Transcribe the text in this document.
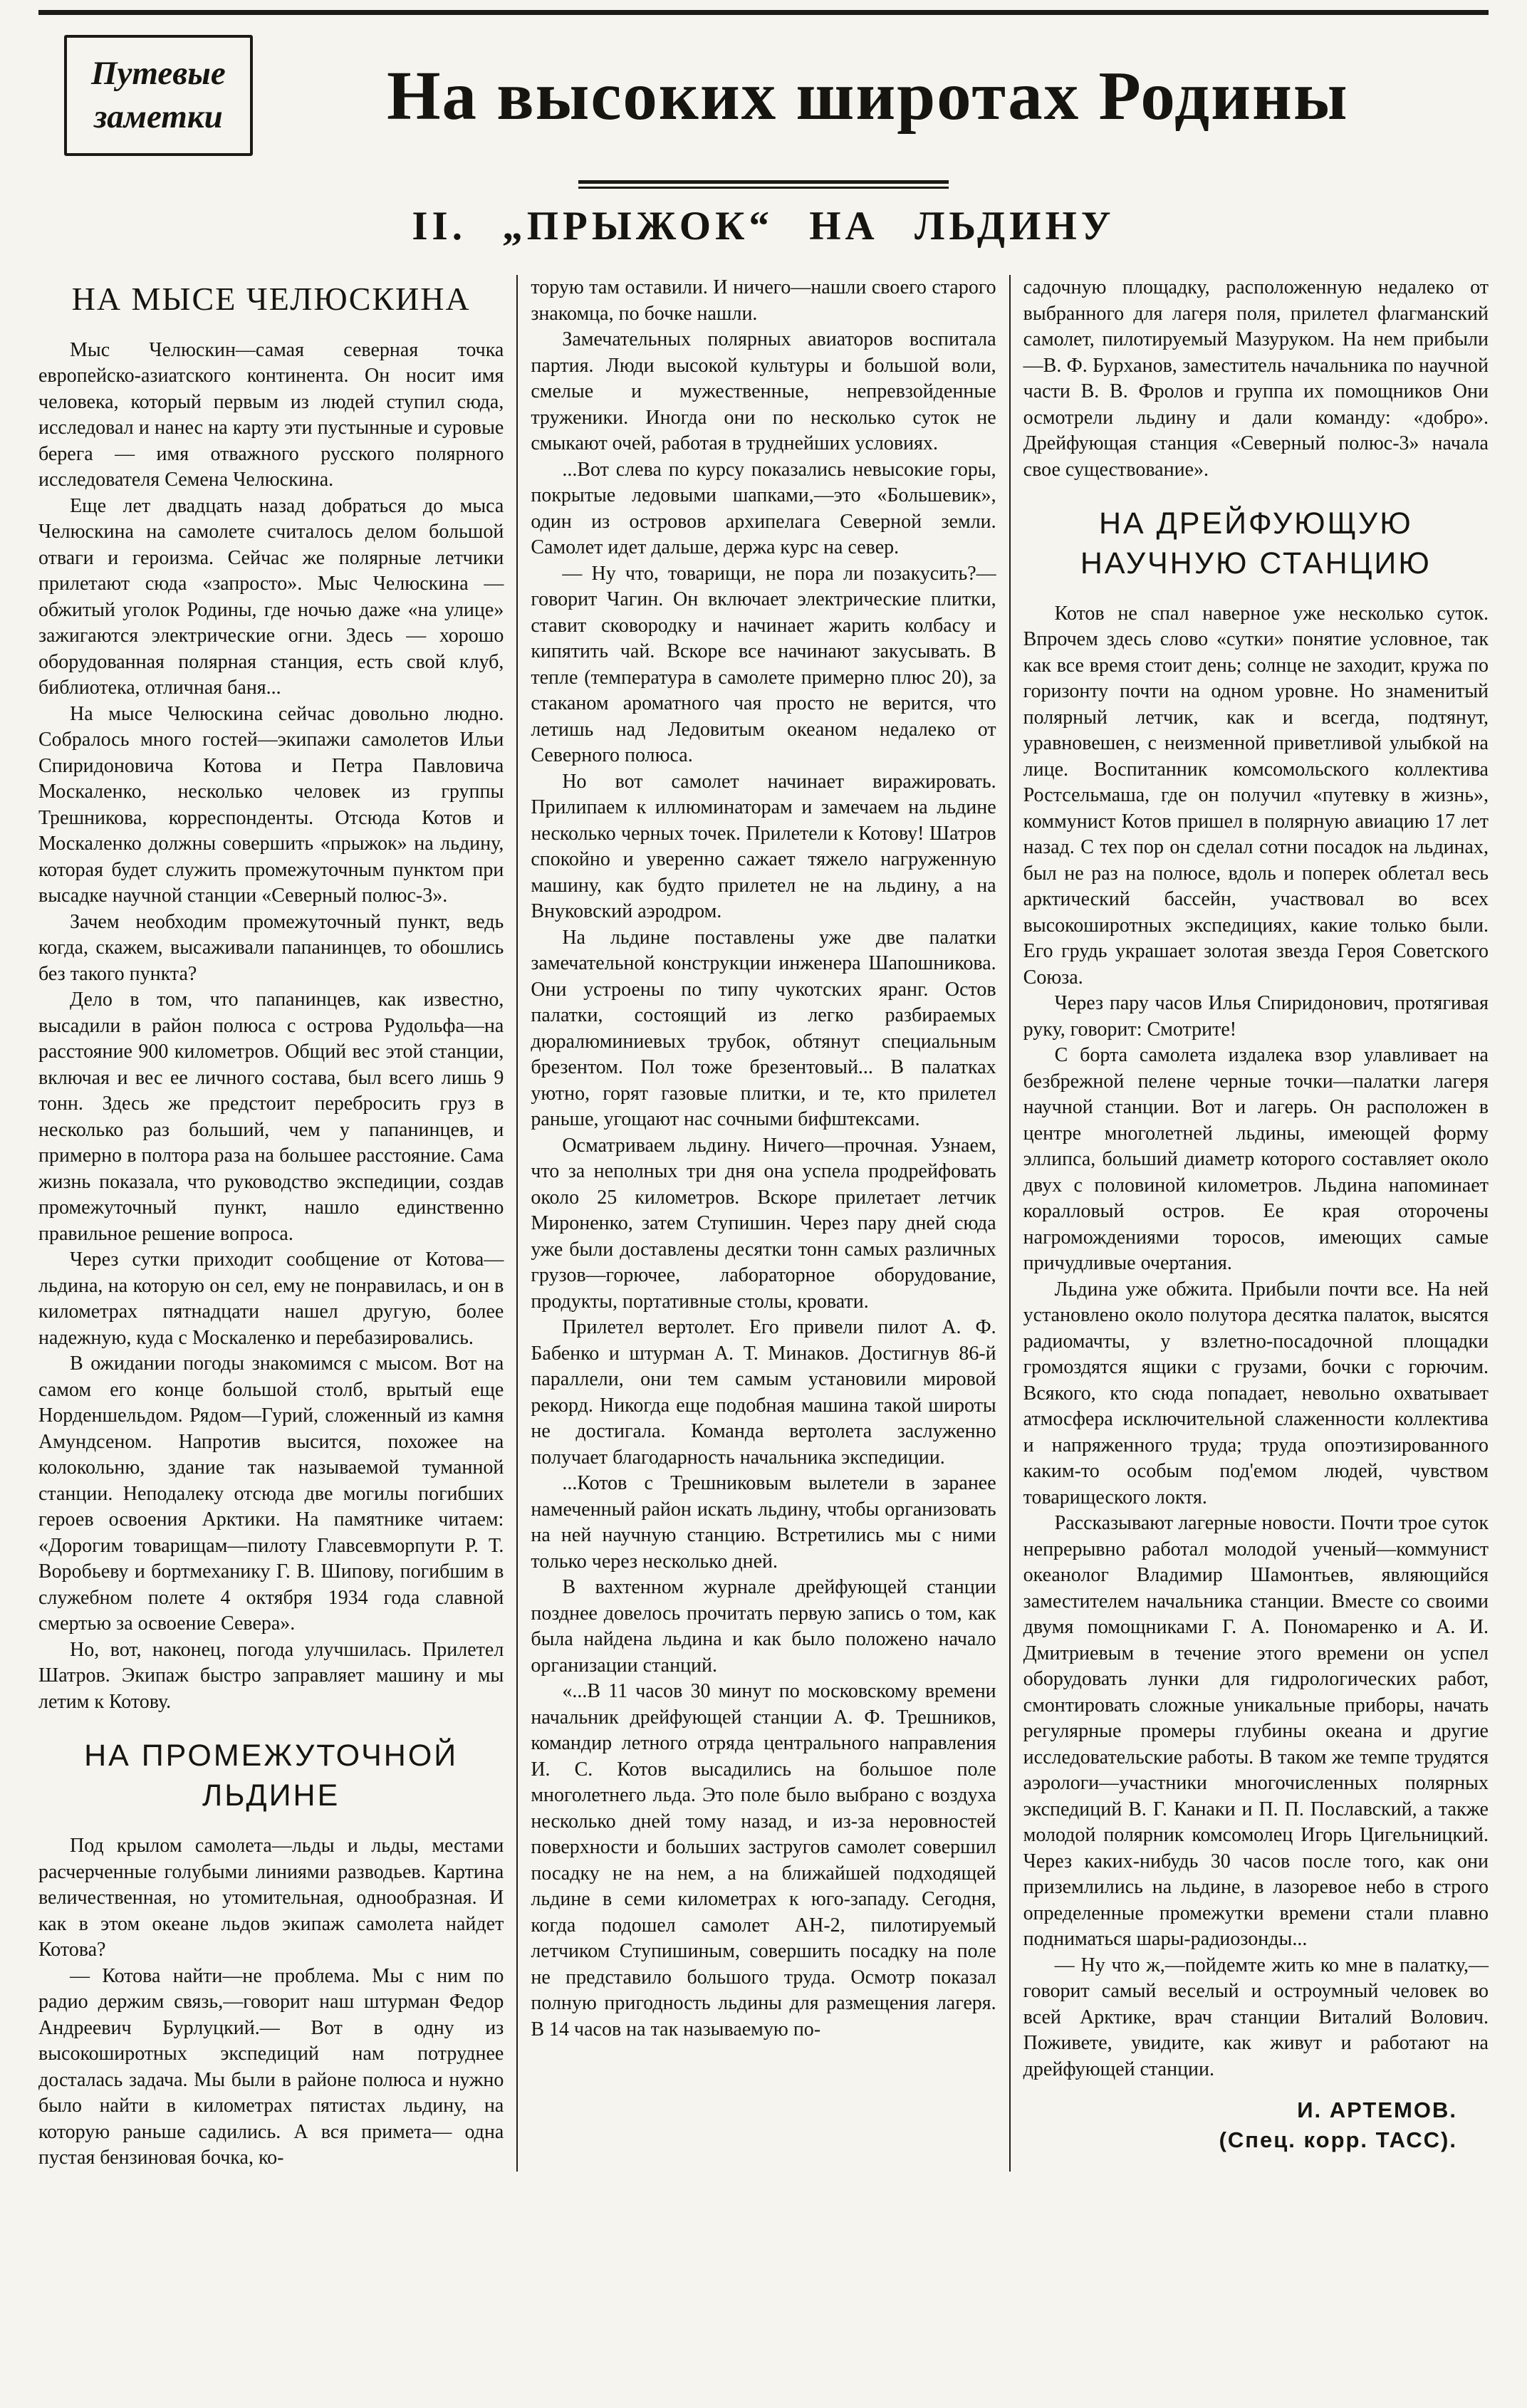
Путевые
заметки	На высоких широтах Родины
II. „ПРЫЖОК“ НА ЛЬДИНУ
НА МЫСЕ ЧЕЛЮСКИНА

Мыс Челюскин—самая северная точка европейско-азиатского континента. Он носит имя человека, который первым из людей ступил сюда, исследовал и нанес на карту эти пустынные и суровые берега — имя отважного русского полярного исследователя Семена Челюскина.

Еще лет двадцать назад добраться до мыса Челюскина на самолете считалось делом большой отваги и героизма. Сейчас же полярные летчики прилетают сюда «запросто». Мыс Челюскина — обжитый уголок Родины, где ночью даже «на улице» зажигаются электрические огни. Здесь — хорошо оборудованная полярная станция, есть свой клуб, библиотека, отличная баня...

На мысе Челюскина сейчас довольно людно. Собралось много гостей—экипажи самолетов Ильи Спиридоновича Котова и Петра Павловича Москаленко, несколько человек из группы Трешникова, корреспонденты. Отсюда Котов и Москаленко должны совершить «прыжок» на льдину, которая будет служить промежуточным пунктом при высадке научной станции «Северный полюс-3».

Зачем необходим промежуточный пункт, ведь когда, скажем, высаживали папанинцев, то обошлись без такого пункта?

Дело в том, что папанинцев, как известно, высадили в район полюса с острова Рудольфа—на расстояние 900 километров. Общий вес этой станции, включая и вес ее личного состава, был всего лишь 9 тонн. Здесь же предстоит перебросить груз в несколько раз больший, чем у папанинцев, и примерно в полтора раза на большее расстояние. Сама жизнь показала, что руководство экспедиции, создав промежуточный пункт, нашло единственно правильное решение вопроса.

Через сутки приходит сообщение от Котова—льдина, на которую он сел, ему не понравилась, и он в километрах пятнадцати нашел другую, более надежную, куда с Москаленко и перебазировались.

В ожидании погоды знакомимся с мысом. Вот на самом его конце большой столб, врытый еще Норденшельдом. Рядом—Гурий, сложенный из камня Амундсеном. Напротив высится, похожее на колокольню, здание так называемой туманной станции. Неподалеку отсюда две могилы погибших героев освоения Арктики. На памятнике читаем: «Дорогим товарищам—пилоту Главсевморпути Р. Т. Воробьеву и бортмеханику Г. В. Шипову, погибшим в служебном полете 4 октября 1934 года славной смертью за освоение Севера».

Но, вот, наконец, погода улучшилась. Прилетел Шатров. Экипаж быстро заправляет машину и мы летим к Котову.

НА ПРОМЕЖУТОЧНОЙ ЛЬДИНЕ

Под крылом самолета—льды и льды, местами расчерченные голубыми линиями разводьев. Картина величественная, но утомительная, однообразная. И как в этом океане льдов экипаж самолета найдет Котова?

— Котова найти—не проблема. Мы с ним по радио держим связь,—говорит наш штурман Федор Андреевич Бурлуцкий.— Вот в одну из высокоширотных экспедиций нам потруднее досталась задача. Мы были в районе полюса и нужно было найти в километрах пятистах льдину, на которую раньше садились. А вся примета— одна пустая бензиновая бочка, ко-

торую там оставили. И ничего—нашли своего старого знакомца, по бочке нашли.

Замечательных полярных авиаторов воспитала партия. Люди высокой культуры и большой воли, смелые и мужественные, непревзойденные труженики. Иногда они по несколько суток не смыкают очей, работая в труднейших условиях.

...Вот слева по курсу показались невысокие горы, покрытые ледовыми шапками,—это «Большевик», один из островов архипелага Северной земли. Самолет идет дальше, держа курс на север.

— Ну что, товарищи, не пора ли позакусить?—говорит Чагин. Он включает электрические плитки, ставит сковородку и начинает жарить колбасу и кипятить чай. Вскоре все начинают закусывать. В тепле (температура в самолете примерно плюс 20), за стаканом ароматного чая просто не верится, что летишь над Ледовитым океаном недалеко от Северного полюса.

Но вот самолет начинает виражировать. Прилипаем к иллюминаторам и замечаем на льдине несколько черных точек. Прилетели к Котову! Шатров спокойно и уверенно сажает тяжело нагруженную машину, как будто прилетел не на льдину, а на Внуковский аэродром.

На льдине поставлены уже две палатки замечательной конструкции инженера Шапошникова. Они устроены по типу чукотских яранг. Остов палатки, состоящий из легко разбираемых дюралюминиевых трубок, обтянут специальным брезентом. Пол тоже брезентовый... В палатках уютно, горят газовые плитки, и те, кто прилетел раньше, угощают нас сочными бифштексами.

Осматриваем льдину. Ничего—прочная. Узнаем, что за неполных три дня она успела продрейфовать около 25 километров. Вскоре прилетает летчик Мироненко, затем Ступишин. Через пару дней сюда уже были доставлены десятки тонн самых различных грузов—горючее, лабораторное оборудование, продукты, портативные столы, кровати.

Прилетел вертолет. Его привели пилот А. Ф. Бабенко и штурман А. Т. Минаков. Достигнув 86-й параллели, они тем самым установили мировой рекорд. Никогда еще подобная машина такой широты не достигала. Команда вертолета заслуженно получает благодарность начальника экспедиции.

...Котов с Трешниковым вылетели в заранее намеченный район искать льдину, чтобы организовать на ней научную станцию. Встретились мы с ними только через несколько дней.

В вахтенном журнале дрейфующей станции позднее довелось прочитать первую запись о том, как была найдена льдина и как было положено начало организации станций.

«...В 11 часов 30 минут по московскому времени начальник дрейфующей станции А. Ф. Трешников, командир летного отряда центрального направления И. С. Котов высадились на большое поле многолетнего льда. Это поле было выбрано с воздуха несколько дней тому назад, и из-за неровностей поверхности и больших застругов самолет совершил посадку не на нем, а на ближайшей подходящей льдине в семи километрах к юго-западу. Сегодня, когда подошел самолет АН-2, пилотируемый летчиком Ступишиным, совершить посадку на поле не представило большого труда. Осмотр показал полную пригодность льдины для размещения лагеря. В 14 часов на так называемую по-

садочную площадку, расположенную недалеко от выбранного для лагеря поля, прилетел флагманский самолет, пилотируемый Мазуруком. На нем прибыли—В. Ф. Бурханов, заместитель начальника по научной части В. В. Фролов и группа их помощников Они осмотрели льдину и дали команду: «добро». Дрейфующая станция «Северный полюс-3» начала свое существование».

НА ДРЕЙФУЮЩУЮ НАУЧНУЮ СТАНЦИЮ

Котов не спал наверное уже несколько суток. Впрочем здесь слово «сутки» понятие условное, так как все время стоит день; солнце не заходит, кружа по горизонту почти на одном уровне. Но знаменитый полярный летчик, как и всегда, подтянут, уравновешен, с неизменной приветливой улыбкой на лице. Воспитанник комсомольского коллектива Ростсельмаша, где он получил «путевку в жизнь», коммунист Котов пришел в полярную авиацию 17 лет назад. С тех пор он сделал сотни посадок на льдинах, был не раз на полюсе, вдоль и поперек облетал весь арктический бассейн, участвовал во всех высокоширотных экспедициях, какие только были. Его грудь украшает золотая звезда Героя Советского Союза.

Через пару часов Илья Спиридонович, протягивая руку, говорит: Смотрите!

С борта самолета издалека взор улавливает на безбрежной пелене черные точки—палатки лагеря научной станции. Вот и лагерь. Он расположен в центре многолетней льдины, имеющей форму эллипса, больший диаметр которого составляет около двух с половиной километров. Льдина напоминает коралловый остров. Ее края оторочены нагромождениями торосов, имеющих самые причудливые очертания.

Льдина уже обжита. Прибыли почти все. На ней установлено около полутора десятка палаток, высятся радиомачты, у взлетно-посадочной площадки громоздятся ящики с грузами, бочки с горючим. Всякого, кто сюда попадает, невольно охватывает атмосфера исключительной слаженности коллектива и напряженного труда; труда опоэтизированного каким-то особым под'емом людей, чувством товарищеского локтя.

Рассказывают лагерные новости. Почти трое суток непрерывно работал молодой ученый—коммунист океанолог Владимир Шамонтьев, являющийся заместителем начальника станции. Вместе со своими двумя помощниками Г. А. Пономаренко и А. И. Дмитриевым в течение этого времени он успел оборудовать лунки для гидрологических работ, смонтировать сложные уникальные приборы, начать регулярные промеры глубины океана и другие исследовательские работы. В таком же темпе трудятся аэрологи—участники многочисленных полярных экспедиций В. Г. Канаки и П. П. Пославский, а также молодой полярник комсомолец Игорь Цигельницкий. Через каких-нибудь 30 часов после того, как они приземлились на льдине, в лазоревое небо в строго определенные промежутки времени стали плавно подниматься шары-радиозонды...

— Ну что ж,—пойдемте жить ко мне в палатку,—говорит самый веселый и остроумный человек во всей Арктике, врач станции Виталий Волович. Поживете, увидите, как живут и работают на дрейфующей станции.

И. АРТЕМОВ.

(Спец. корр. ТАСС).
